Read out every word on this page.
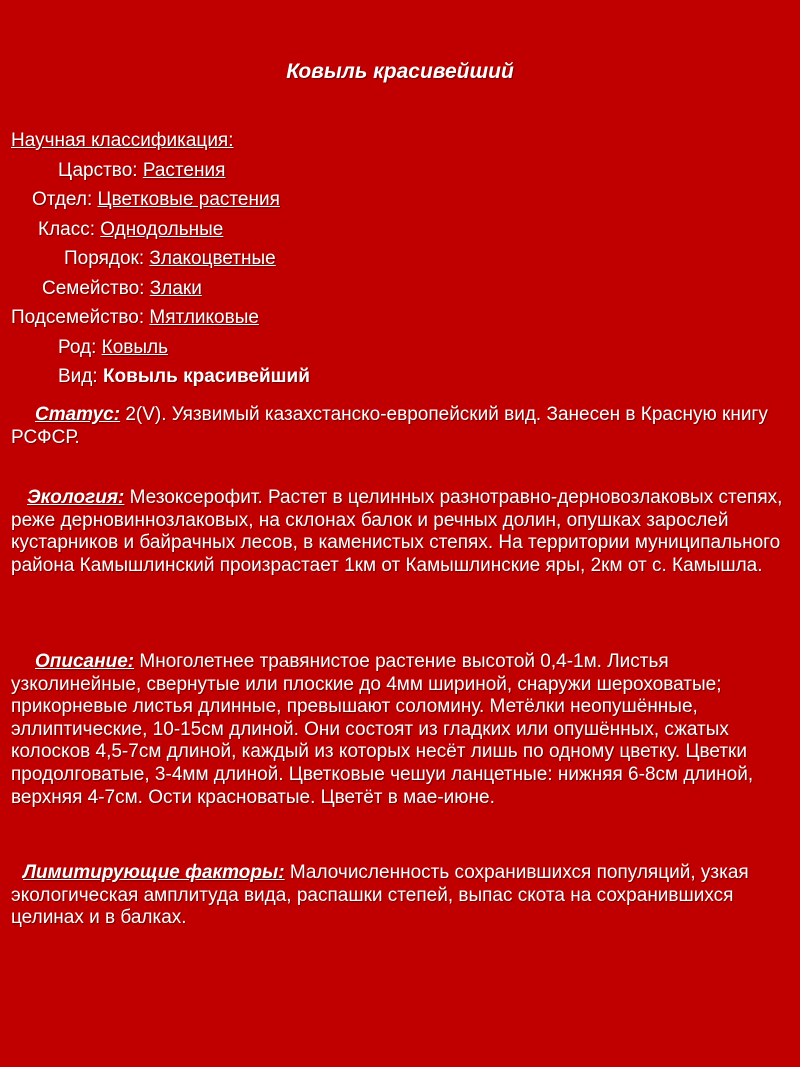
Ковыль красивейший
Научная классификация:
Царство: Растения
Отдел: Цветковые растения
Класс: Однодольные
Порядок: Злакоцветные
Семейство: Злаки
Подсемейство: Мятликовые
Род: Ковыль
Вид: Ковыль красивейший
Статус: 2(V). Уязвимый казахстанско-европейский вид. Занесен в Красную книгу РСФСР.
Экология: Мезоксерофит. Растет в целинных разнотравно-дерновозлаковых степях, реже дерновиннозлаковых, на склонах балок и речных долин, опушках зарослей кустарников и байрачных лесов, в каменистых степях. На территории муниципального района Камышлинский произрастает 1км от Камышлинские яры, 2км от с. Камышла.
Описание: Многолетнее травянистое растение высотой 0,4-1м. Листья узколинейные, свернутые или плоские до 4мм шириной, снаружи шероховатые; прикорневые листья длинные, превышают соломину. Метёлки неопушённые, эллиптические, 10-15см длиной. Они состоят из гладких или опушённых, сжатых колосков 4,5-7см длиной, каждый из которых несёт лишь по одному цветку. Цветки продолговатые, 3-4мм длиной. Цветковые чешуи ланцетные: нижняя 6-8см длиной, верхняя 4-7см. Ости красноватые. Цветёт в мае-июне.
Лимитирующие факторы: Малочисленность сохранившихся популяций, узкая экологическая амплитуда вида, распашки степей, выпас скота на сохранившихся целинах и в балках.
